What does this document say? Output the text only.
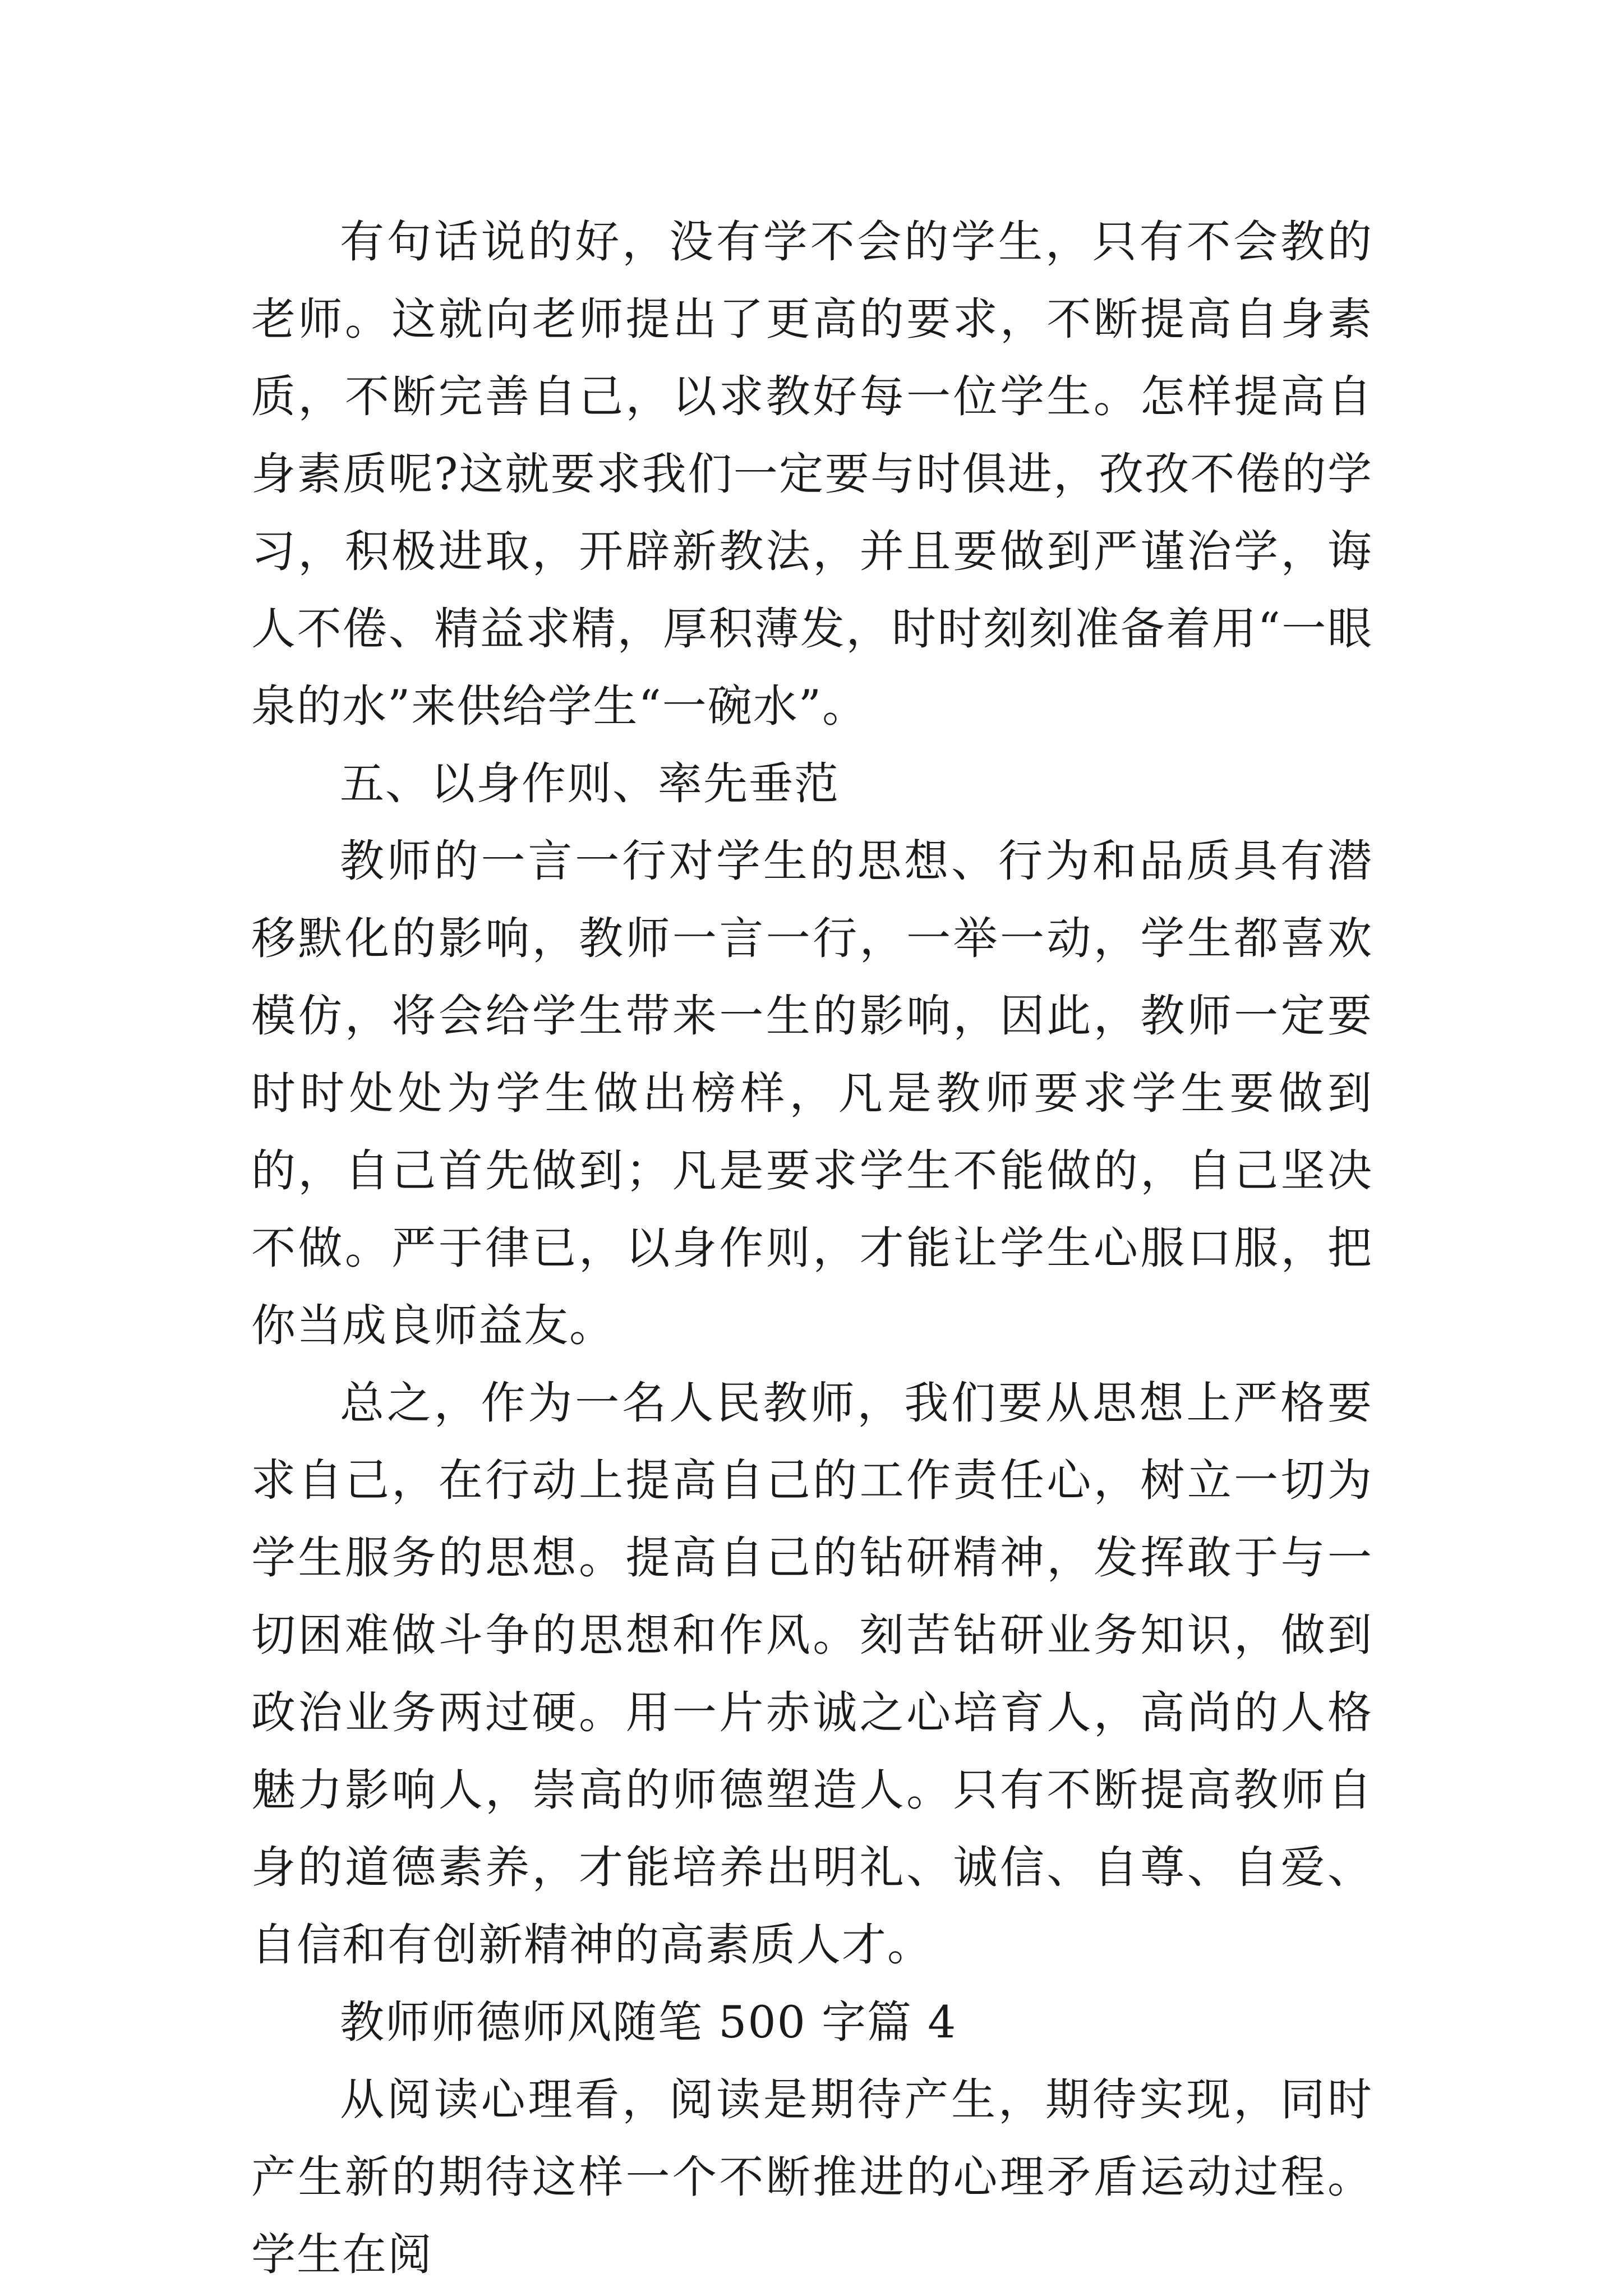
有句话说的好，没有学不会的学生，只有不会教的老师。这就向老师提出了更高的要求，不断提高自身素质，不断完善自己，以求教好每一位学生。怎样提高自身素质呢?这就要求我们一定要与时俱进，孜孜不倦的学习，积极进取，开辟新教法，并且要做到严谨治学，诲人不倦、精益求精，厚积薄发，时时刻刻准备着用“一眼泉的水”来供给学生“一碗水”。

五、以身作则、率先垂范

教师的一言一行对学生的思想、行为和品质具有潜移默化的影响，教师一言一行，一举一动，学生都喜欢模仿，将会给学生带来一生的影响，因此，教师一定要时时处处为学生做出榜样，凡是教师要求学生要做到的，自己首先做到；凡是要求学生不能做的，自己坚决不做。严于律已，以身作则，才能让学生心服口服，把你当成良师益友。

总之，作为一名人民教师，我们要从思想上严格要求自己，在行动上提高自己的工作责任心，树立一切为学生服务的思想。提高自己的钻研精神，发挥敢于与一切困难做斗争的思想和作风。刻苦钻研业务知识，做到政治业务两过硬。用一片赤诚之心培育人，高尚的人格魅力影响人，崇高的师德塑造人。只有不断提高教师自身的道德素养，才能培养出明礼、诚信、自尊、自爱、自信和有创新精神的高素质人才。

教师师德师风随笔 500 字篇 4

从阅读心理看，阅读是期待产生，期待实现，同时产生新的期待这样一个不断推进的心理矛盾运动过程。学生在阅
